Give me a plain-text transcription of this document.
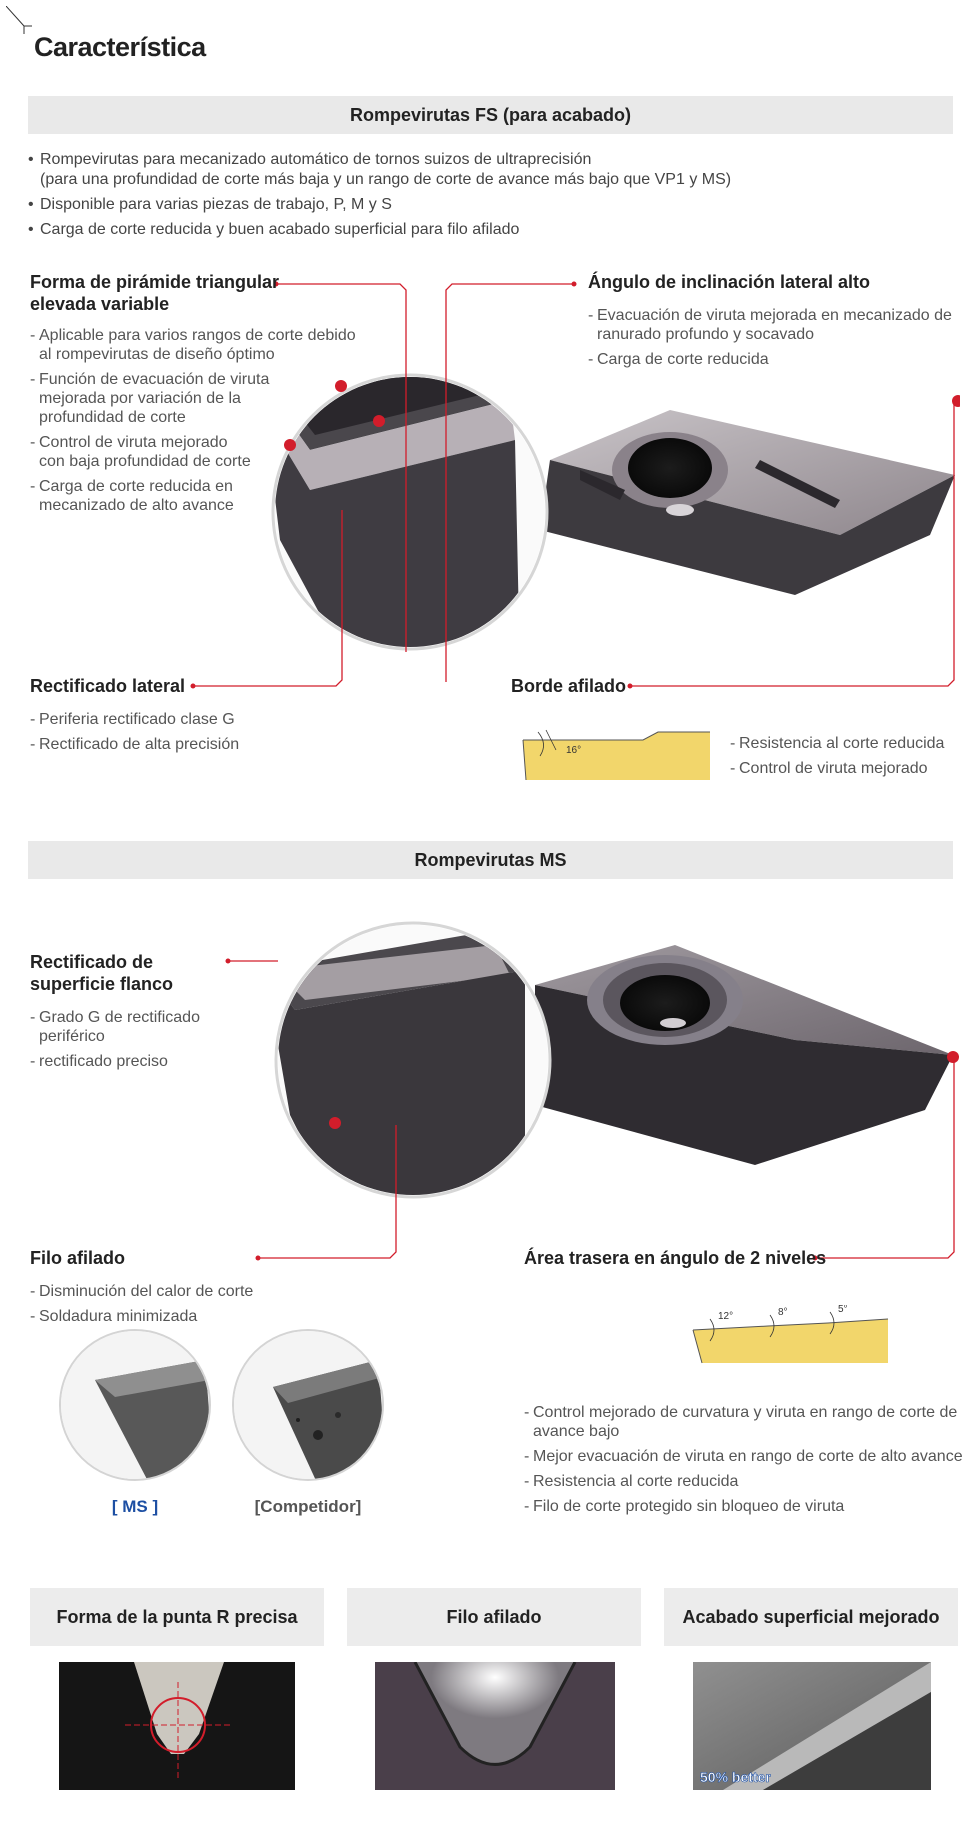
Característica
Rompevirutas FS (para acabado)
• Rompevirutas para mecanizado automático de tornos suizos de ultraprecisión
(para una profundidad de corte más baja y un rango de corte de avance más bajo que VP1 y MS)
• Disponible para varias piezas de trabajo, P, M y S
• Carga de corte reducida y buen acabado superficial para filo afilado
Forma de pirámide triangular
elevada variable
- Aplicable para varios rangos de corte debido
al rompevirutas de diseño óptimo
- Función de evacuación de viruta
mejorada por variación de la
profundidad de corte
- Control de viruta mejorado
con baja profundidad de corte
- Carga de corte reducida en
mecanizado de alto avance
Ángulo de inclinación lateral alto
- Evacuación de viruta mejorada en mecanizado de
ranurado profundo y socavado
- Carga de corte reducida
Rectificado lateral
- Periferia rectificado clase G
- Rectificado de alta precisión
Borde afilado
16°
-	Resistencia al corte reducida
- Control de viruta mejorado
Rompevirutas MS
Rectificado de
superficie flanco
- Grado G de rectificado
periférico
- rectificado preciso
Filo afilado
- Disminución del calor de corte
- Soldadura minimizada
[ MS ]	[Competidor]
Área trasera en ángulo de 2 niveles
12°	8°	5°
- Control mejorado de curvatura y viruta en rango de corte de
avance bajo
- Mejor evacuación de viruta en rango de corte de alto avance
- Resistencia al corte reducida
- Filo de corte protegido sin bloqueo de viruta
Forma de la punta R precisa	Filo afilado	Acabado superficial mejorado
50% better
